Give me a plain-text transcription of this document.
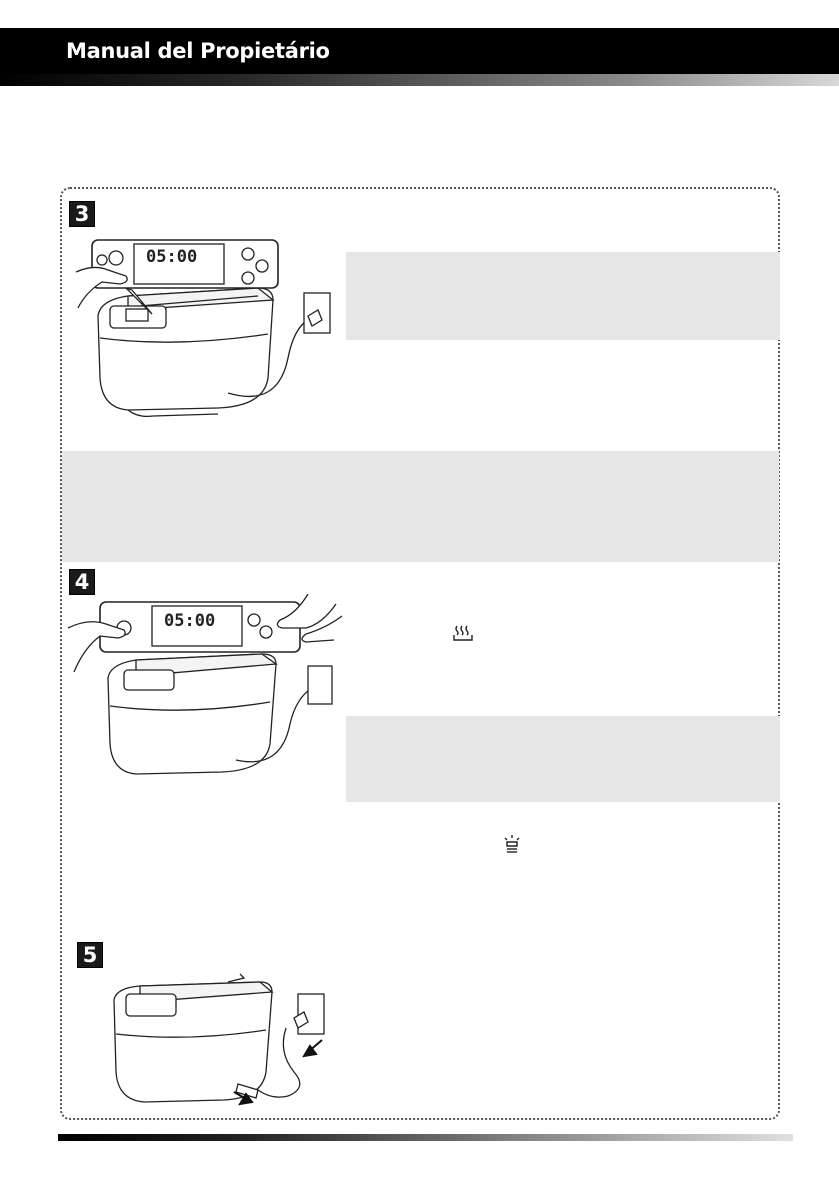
Manual del Propietário
3
05:00
4
05:00
5
